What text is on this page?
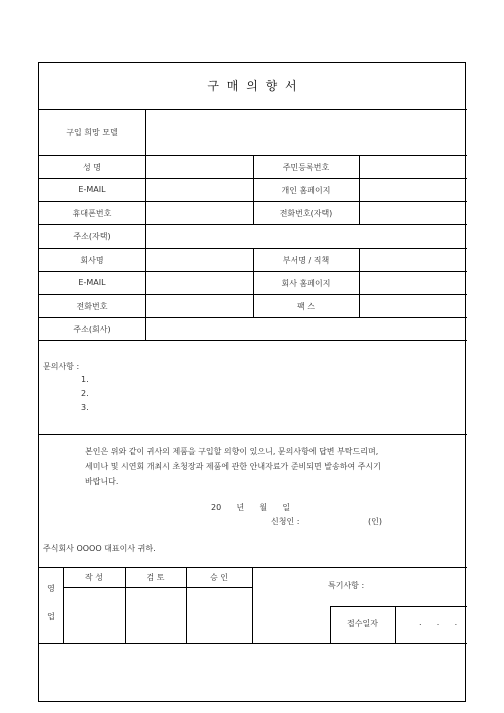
구 매 의 향 서
구입 희망 모델
성 명	주민등록번호
E-MAIL	개인 홈페이지
휴대폰번호	전화번호(자택)
주소(자택)
회사명	부서명 / 직책
E-MAIL	회사 홈페이지
전화번호	팩 스
주소(회사)
문의사항 :
1.
2.
3.
본인은 위와 같이 귀사의 제품을 구입할 의향이 있으니, 문의사항에 답변 부탁드리며,
세미나 및 시연회 개최시 초청장과 제품에 관한 안내자료가 준비되면 발송하여 주시기
바랍니다.
20      년      월      일
신청인 :	(인)
주식회사 OOOO 대표이사 귀하.
영
업
작 성	검 토	승 인
특기사항 :
접수일자	.      .      .
